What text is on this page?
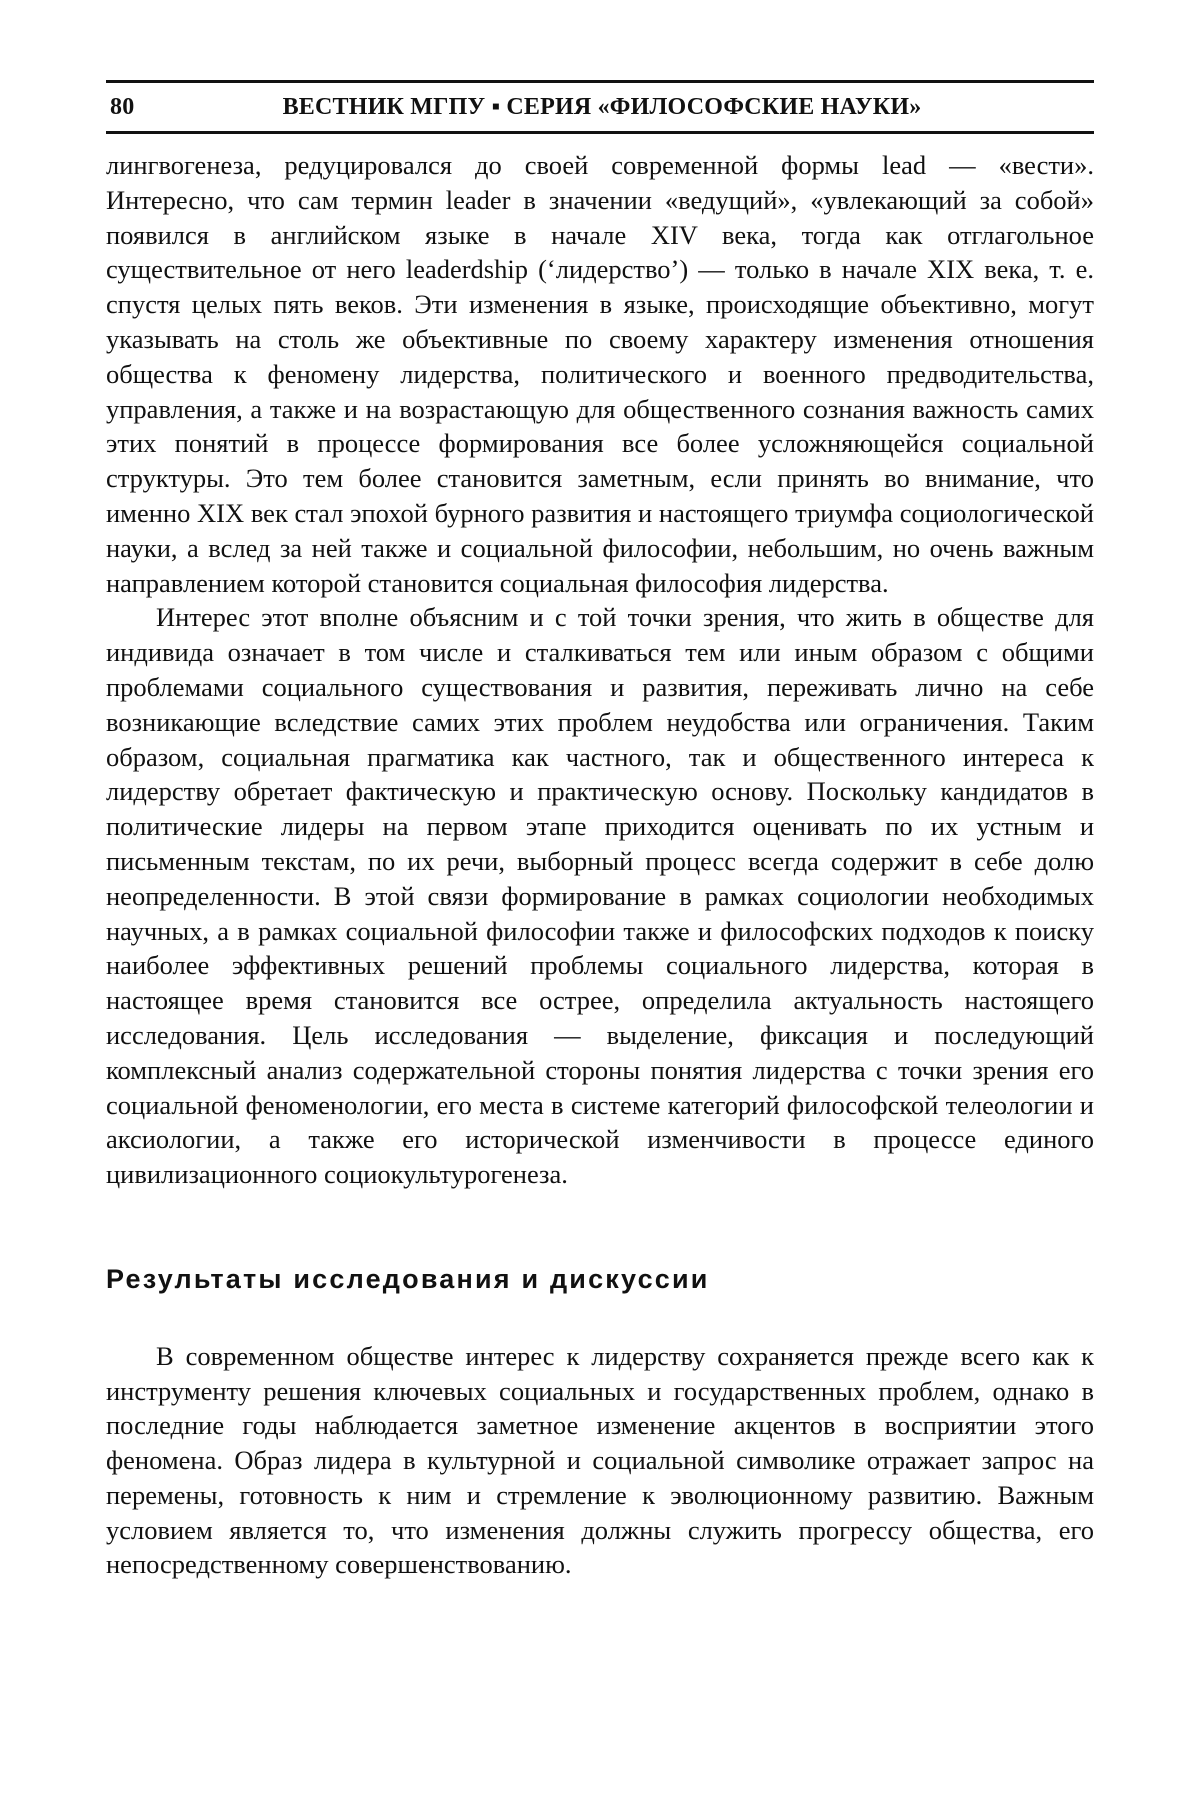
80	ВЕСТНИК МГПУ ▪ СЕРИЯ «ФИЛОСОФСКИЕ НАУКИ»

лингвогенеза, редуцировался до своей современной формы lead — «вести». Интересно, что сам термин leader в значении «ведущий», «увлекающий за собой» появился в английском языке в начале XIV века, тогда как отглагольное существительное от него leaderdship (‘лидерство’) — только в начале XIX века, т. е. спустя целых пять веков. Эти изменения в языке, происходящие объективно, могут указывать на столь же объективные по своему характеру изменения отношения общества к феномену лидерства, политического и военного предводительства, управления, а также и на возрастающую для общественного сознания важность самих этих понятий в процессе формирования все более усложняющейся социальной структуры. Это тем более становится заметным, если принять во внимание, что именно XIX век стал эпохой бурного развития и настоящего триумфа социологической науки, а вслед за ней также и социальной философии, небольшим, но очень важным направлением которой становится социальная философия лидерства.

Интерес этот вполне объясним и с той точки зрения, что жить в обществе для индивида означает в том числе и сталкиваться тем или иным образом с общими проблемами социального существования и развития, переживать лично на себе возникающие вследствие самих этих проблем неудобства или ограничения. Таким образом, социальная прагматика как частного, так и общественного интереса к лидерству обретает фактическую и практическую основу. Поскольку кандидатов в политические лидеры на первом этапе приходится оценивать по их устным и письменным текстам, по их речи, выборный процесс всегда содержит в себе долю неопределенности. В этой связи формирование в рамках социологии необходимых научных, а в рамках социальной философии также и философских подходов к поиску наиболее эффективных решений проблемы социального лидерства, которая в настоящее время становится все острее, определила актуальность настоящего исследования. Цель исследования — выделение, фиксация и последующий комплексный анализ содержательной стороны понятия лидерства с точки зрения его социальной феноменологии, его места в системе категорий философской телеологии и аксиологии, а также его исторической изменчивости в процессе единого цивилизационного социокультурогенеза.

Результаты исследования и дискуссии

В современном обществе интерес к лидерству сохраняется прежде всего как к инструменту решения ключевых социальных и государственных проблем, однако в последние годы наблюдается заметное изменение акцентов в восприятии этого феномена. Образ лидера в культурной и социальной символике отражает запрос на перемены, готовность к ним и стремление к эволюционному развитию. Важным условием является то, что изменения должны служить прогрессу общества, его непосредственному совершенствованию.
